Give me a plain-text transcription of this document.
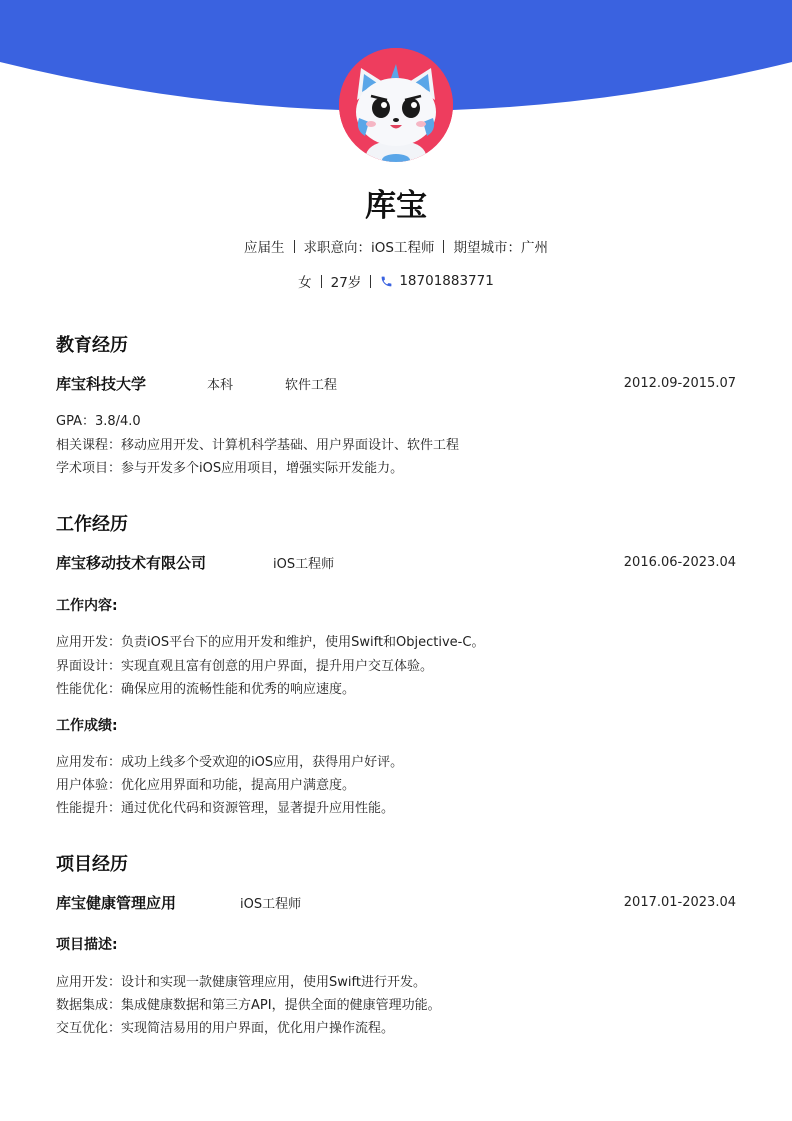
库宝
应届生 求职意向：iOS工程师 期望城市：广州
女 27岁	18701883771
教育经历
库宝科技大学	本科	软件工程	2012.09-2015.07
GPA：3.8/4.0
相关课程：移动应用开发、计算机科学基础、用户界面设计、软件工程
学术项目：参与开发多个iOS应用项目，增强实际开发能力。
工作经历
库宝移动技术有限公司	iOS工程师	2016.06-2023.04
工作内容:
应用开发：负责iOS平台下的应用开发和维护，使用Swift和Objective-C。
界面设计：实现直观且富有创意的用户界面，提升用户交互体验。
性能优化：确保应用的流畅性能和优秀的响应速度。
工作成绩:
应用发布：成功上线多个受欢迎的iOS应用，获得用户好评。
用户体验：优化应用界面和功能，提高用户满意度。
性能提升：通过优化代码和资源管理，显著提升应用性能。
项目经历
库宝健康管理应用	iOS工程师	2017.01-2023.04
项目描述:
应用开发：设计和实现一款健康管理应用，使用Swift进行开发。
数据集成：集成健康数据和第三方API，提供全面的健康管理功能。
交互优化：实现简洁易用的用户界面，优化用户操作流程。
